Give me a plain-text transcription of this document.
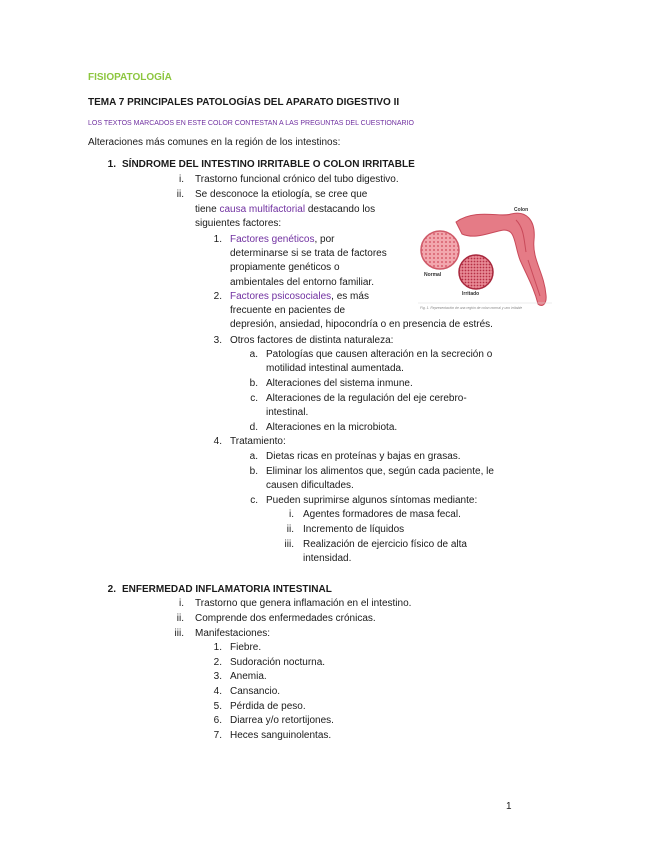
FISIOPATOLOGÍA
TEMA 7 PRINCIPALES PATOLOGÍAS DEL APARATO DIGESTIVO II
LOS TEXTOS MARCADOS EN ESTE COLOR CONTESTAN A LAS PREGUNTAS DEL CUESTIONARIO
Alteraciones más comunes en la región de los intestinos:
1. SÍNDROME DEL INTESTINO IRRITABLE O COLON IRRITABLE
i. Trastorno funcional crónico del tubo digestivo.
ii. Se desconoce la etiología, se cree que
tiene causa multifactorial destacando los
siguientes factores:
1. Factores genéticos, por
determinarse si se trata de factores
propiamente genéticos o
ambientales del entorno familiar.
2. Factores psicosociales, es más
frecuente en pacientes de
depresión, ansiedad, hipocondría o en presencia de estrés.
3. Otros factores de distinta naturaleza:
a. Patologías que causen alteración en la secreción o
motilidad intestinal aumentada.
b. Alteraciones del sistema inmune.
c. Alteraciones de la regulación del eje cerebro-
intestinal.
d. Alteraciones en la microbiota.
4. Tratamiento:
a. Dietas ricas en proteínas y bajas en grasas.
b. Eliminar los alimentos que, según cada paciente, le
causen dificultades.
c. Pueden suprimirse algunos síntomas mediante:
i. Agentes formadores de masa fecal.
ii. Incremento de líquidos
iii. Realización de ejercicio físico de alta
intensidad.
Colon
Normal
Irritado
Fig. 1. Representación de una región de colon normal y uno irritable
2. ENFERMEDAD INFLAMATORIA INTESTINAL
i. Trastorno que genera inflamación en el intestino.
ii. Comprende dos enfermedades crónicas.
iii. Manifestaciones:
1. Fiebre.
2. Sudoración nocturna.
3. Anemia.
4. Cansancio.
5. Pérdida de peso.
6. Diarrea y/o retortijones.
7. Heces sanguinolentas.
1
